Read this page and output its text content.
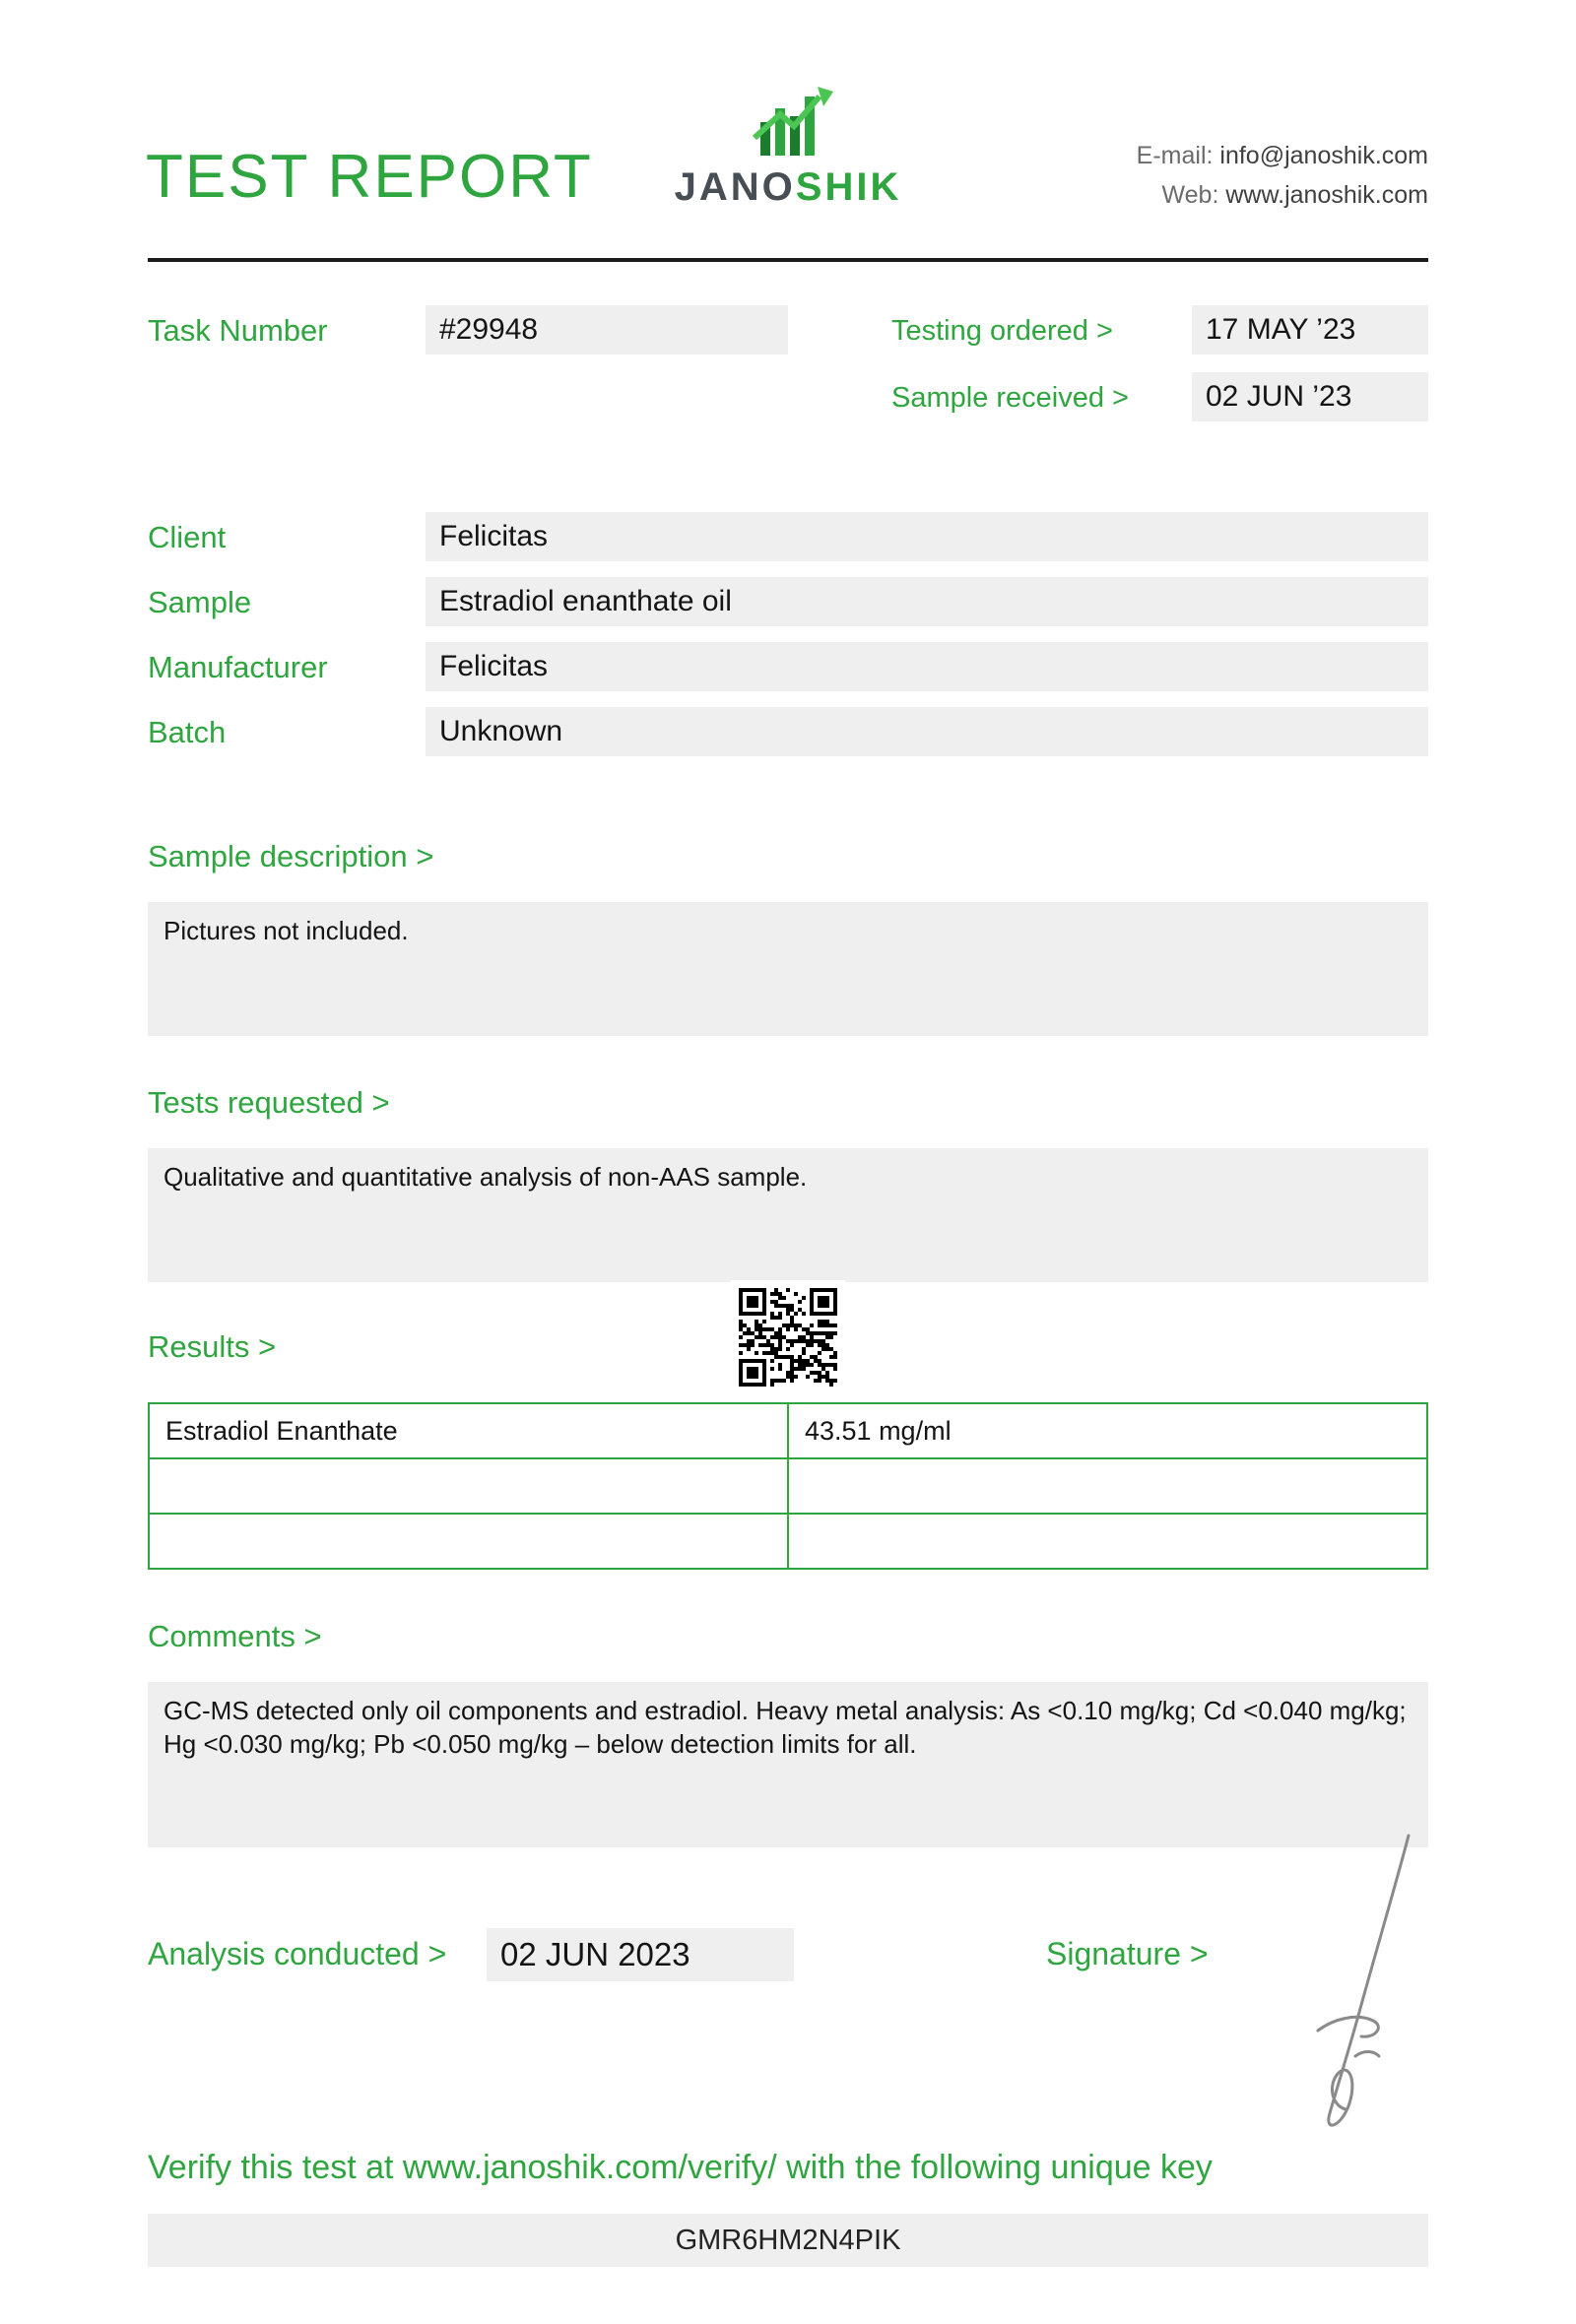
TEST REPORT	JANOSHIK
E-mail: info@janoshik.com
Web: www.janoshik.com
Task Number	#29948	Testing ordered >	17 MAY ’23
Sample received >	02 JUN ’23
Client	Felicitas
Sample	Estradiol enanthate oil
Manufacturer	Felicitas
Batch	Unknown
Sample description >
Pictures not included.
Tests requested >
Qualitative and quantitative analysis of non-AAS sample.
Results >
Estradiol Enanthate	43.51 mg/ml

Comments >
GC-MS detected only oil components and estradiol. Heavy metal analysis: As <0.10 mg/kg; Cd <0.040 mg/kg; Hg <0.030 mg/kg; Pb <0.050 mg/kg – below detection limits for all.
Analysis conducted >	02 JUN 2023	Signature >
Verify this test at www.janoshik.com/verify/ with the following unique key
GMR6HM2N4PIK
